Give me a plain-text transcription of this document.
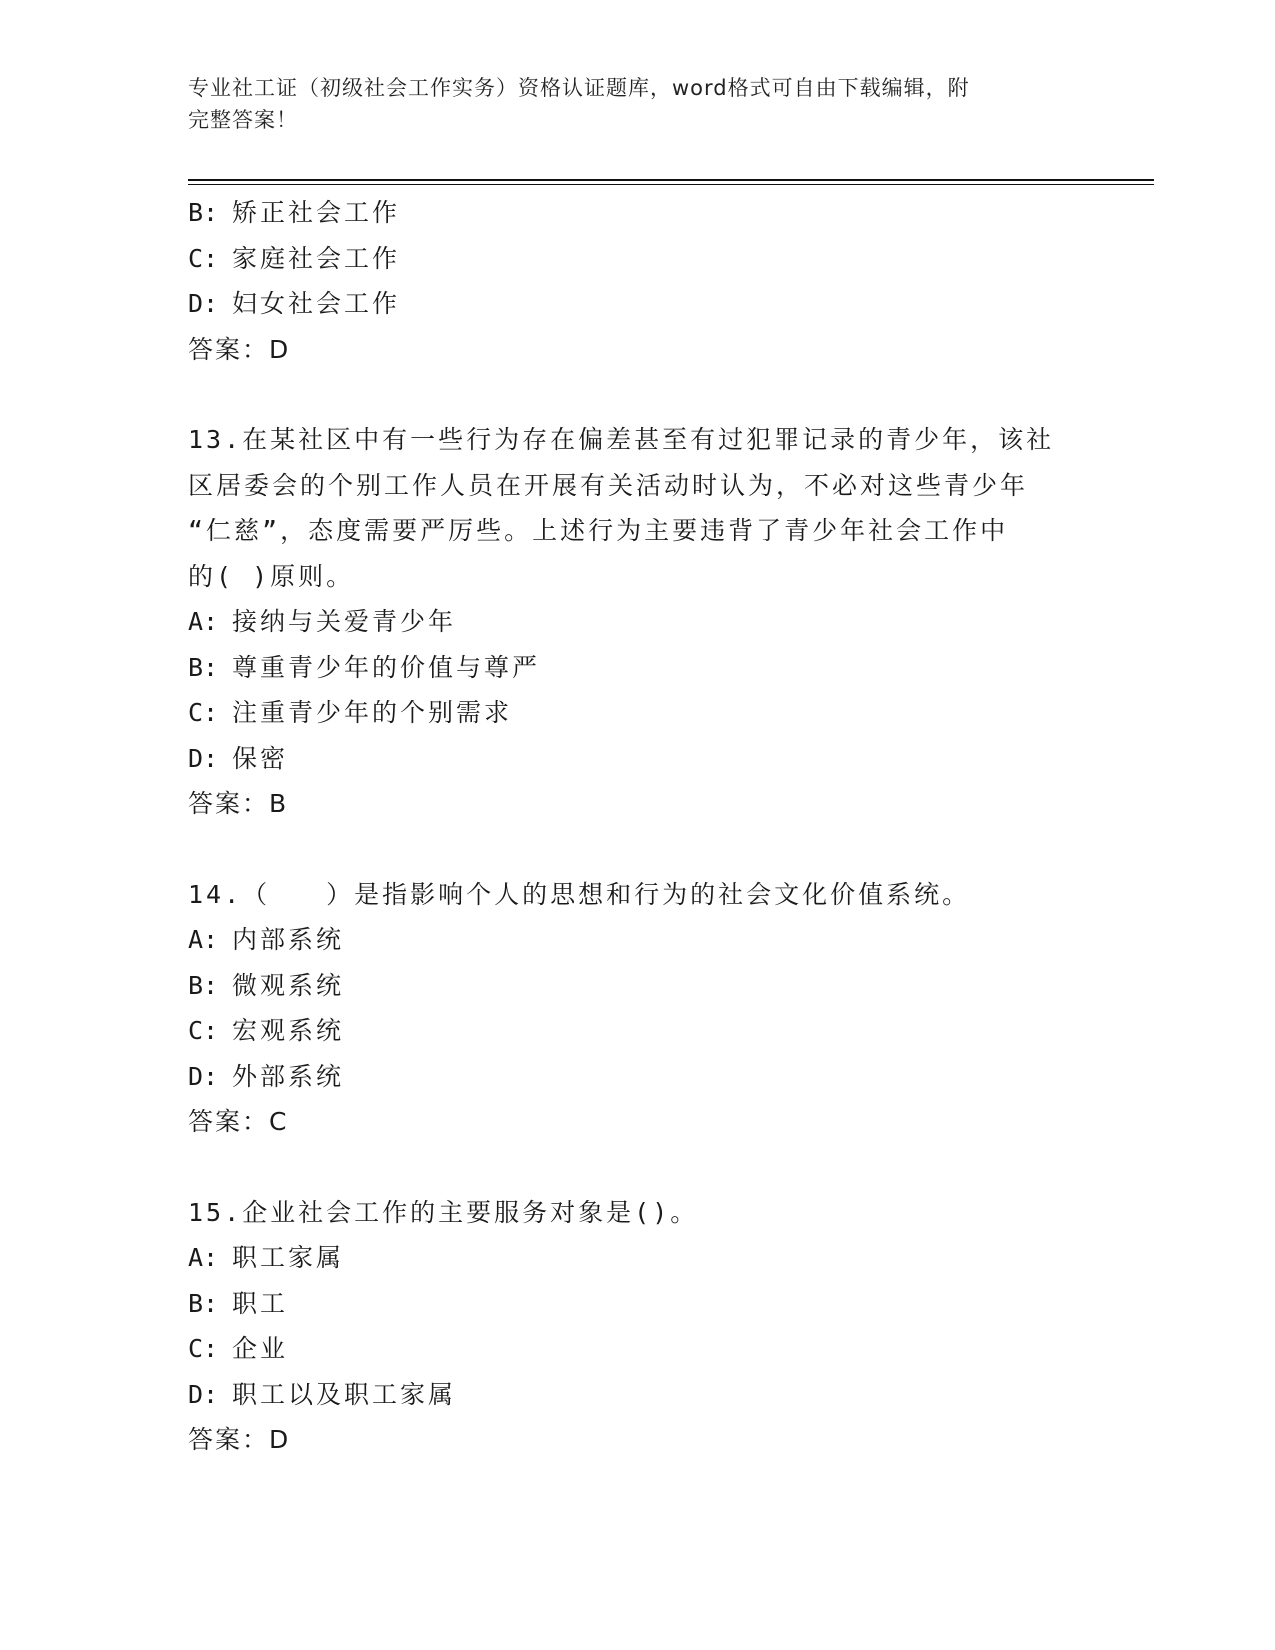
专业社工证（初级社会工作实务）资格认证题库，word格式可自由下载编辑，附
完整答案！
B: 矫正社会工作
C: 家庭社会工作
D: 妇女社会工作
答案：D
13.在某社区中有一些行为存在偏差甚至有过犯罪记录的青少年，该社
区居委会的个别工作人员在开展有关活动时认为，不必对这些青少年
“仁慈”，态度需要严厉些。上述行为主要违背了青少年社会工作中
的( )原则。
A: 接纳与关爱青少年
B: 尊重青少年的价值与尊严
C: 注重青少年的个别需求
D: 保密
答案：B
14.（　　）是指影响个人的思想和行为的社会文化价值系统。
A: 内部系统
B: 微观系统
C: 宏观系统
D: 外部系统
答案：C
15.企业社会工作的主要服务对象是()。
A: 职工家属
B: 职工
C: 企业
D: 职工以及职工家属
答案：D
